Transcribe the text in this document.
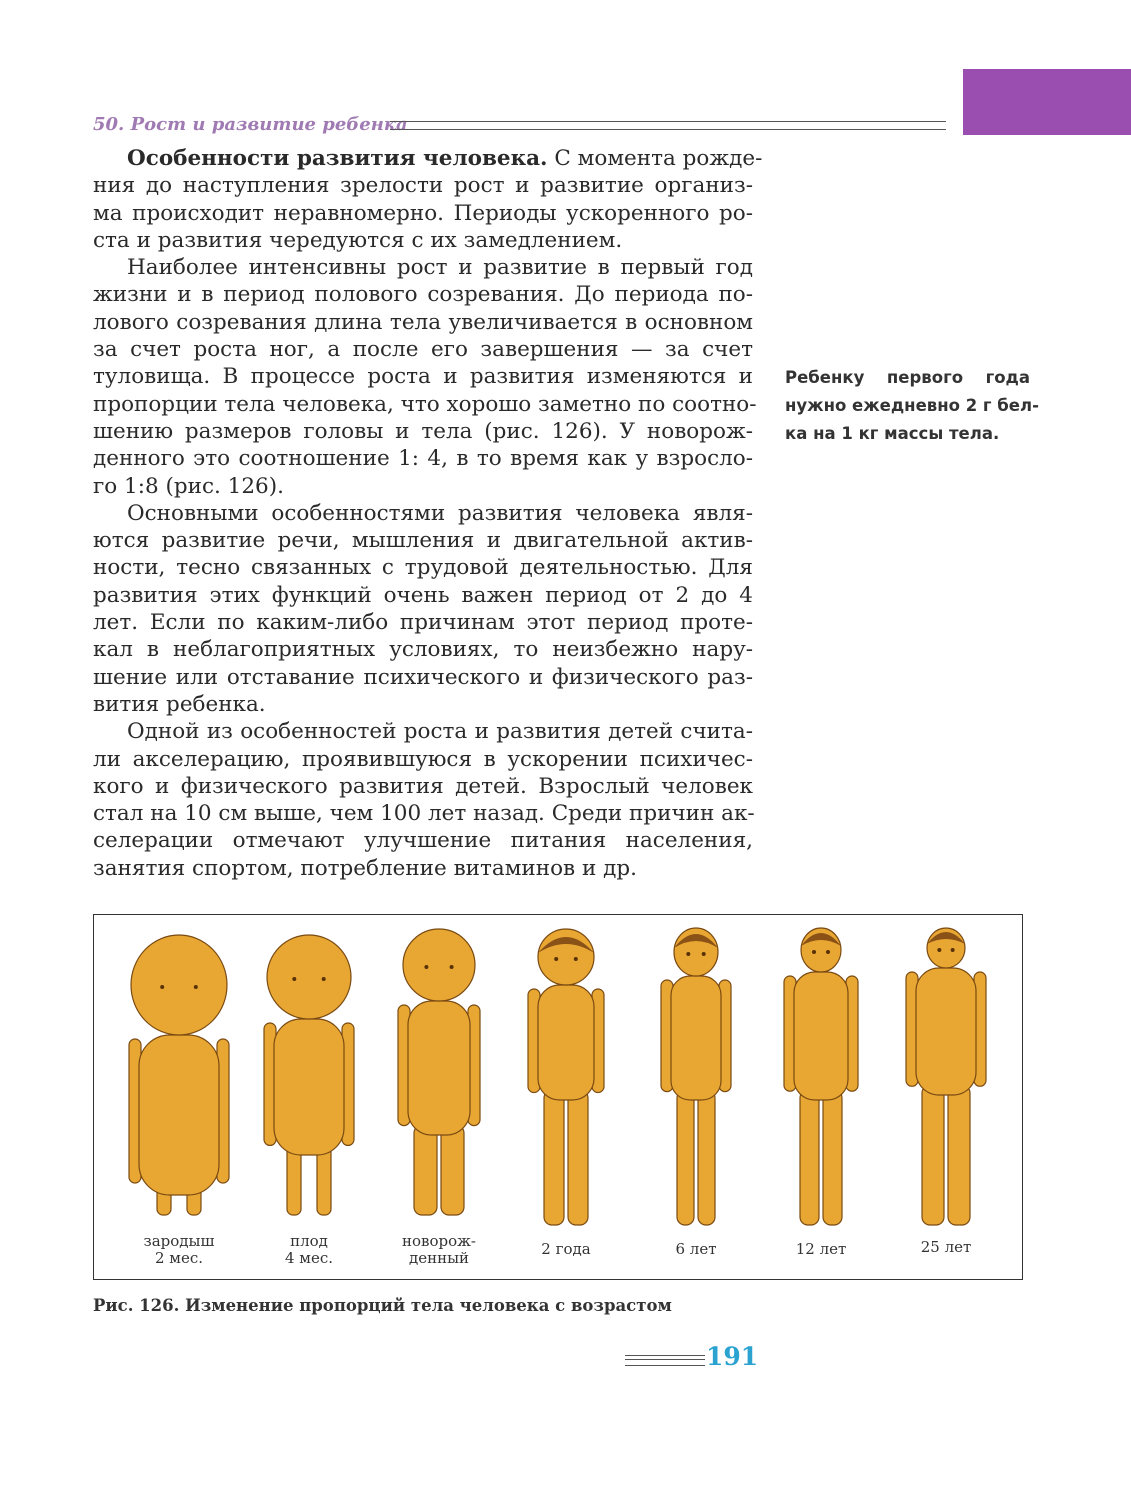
50. Рост и развитие ребенка
Особенности развития человека. С момента рожде-
ния до наступления зрелости рост и развитие организ-
ма происходит неравномерно. Периоды ускоренного ро-
ста и развития чередуются с их замедлением.
Наиболее интенсивны рост и развитие в первый год
жизни и в период полового созревания. До периода по-
лового созревания длина тела увеличивается в основном
за счет роста ног, а после его завершения — за счет
туловища. В процессе роста и развития изменяются и
пропорции тела человека, что хорошо заметно по соотно-
шению размеров головы и тела (рис. 126). У новорож-
денного это соотношение 1: 4, в то время как у взросло-
го 1:8 (рис. 126).
Основными особенностями развития человека явля-
ются развитие речи, мышления и двигательной актив-
ности, тесно связанных с трудовой деятельностью. Для
развития этих функций очень важен период от 2 до 4
лет. Если по каким-либо причинам этот период протe-
кал в неблагоприятных условиях, то неизбежно нару-
шение или отставание психического и физического раз-
вития ребенка.
Одной из особенностей роста и развития детей считa-
ли акселерацию, проявившуюся в ускорении психичес-
кого и физического развития детей. Взрослый человек
стал на 10 см выше, чем 100 лет назад. Среди причин ак-
селерации отмечают улучшение питания населения,
занятия спортом, потребление витаминов и др.
Ребенку первого года
нужно ежедневно 2 г бел-
ка на 1 кг массы тела.
зародыш
2 мес.
плод
4 мес.
новорож-
денный	2 года	6 лет	12 лет	25 лет
Рис. 126. Изменение пропорций тела человека с возрастом
191
